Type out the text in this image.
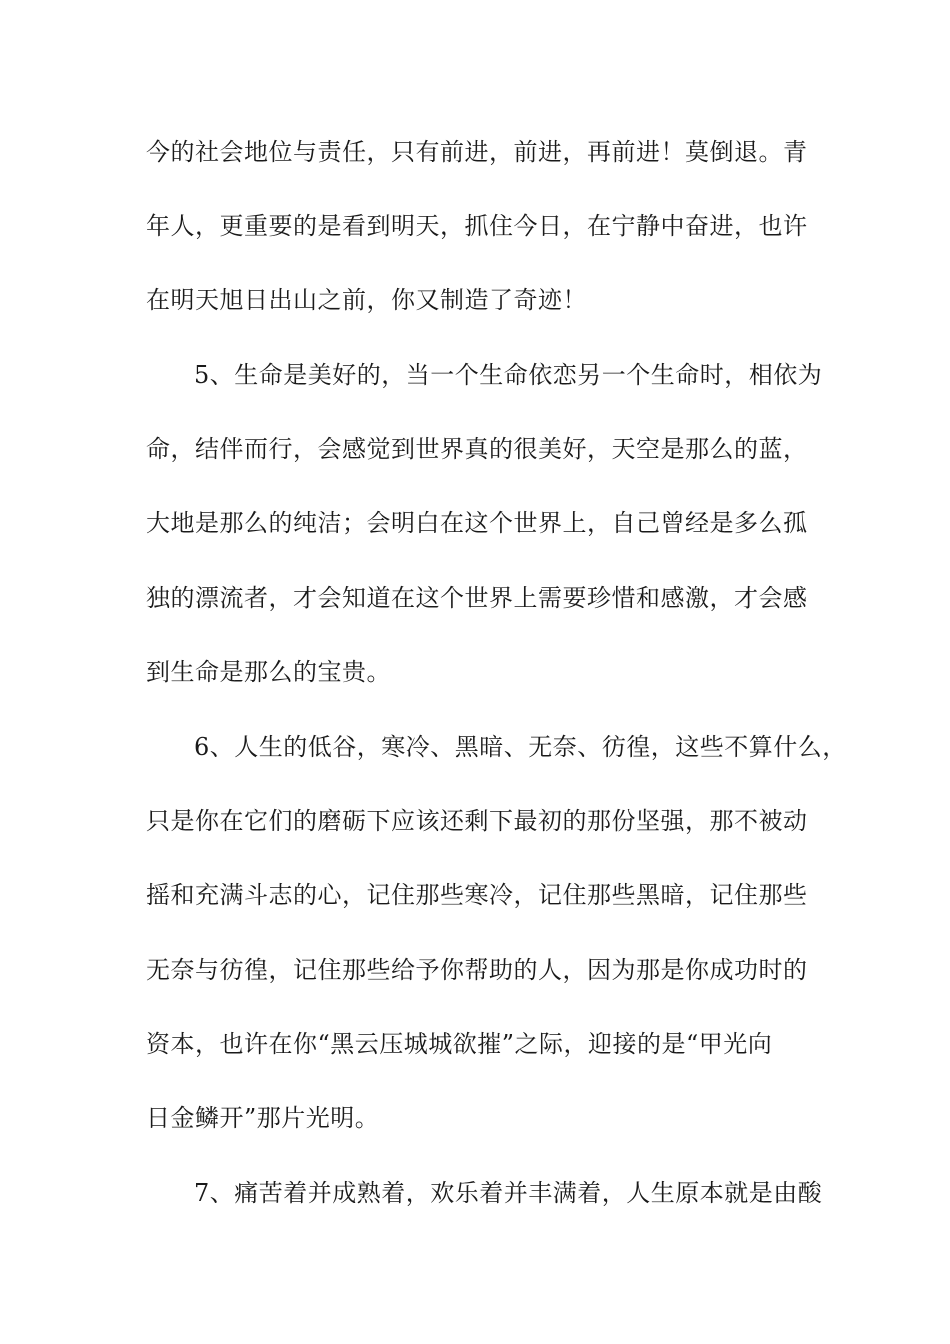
今的社会地位与责任，只有前进，前进，再前进！莫倒退。青
年人，更重要的是看到明天，抓住今日，在宁静中奋进，也许
在明天旭日出山之前，你又制造了奇迹！
5、生命是美好的，当一个生命依恋另一个生命时，相依为
命，结伴而行，会感觉到世界真的很美好，天空是那么的蓝，
大地是那么的纯洁；会明白在这个世界上，自己曾经是多么孤
独的漂流者，才会知道在这个世界上需要珍惜和感激，才会感
到生命是那么的宝贵。
6、人生的低谷，寒冷、黑暗、无奈、彷徨，这些不算什么，
只是你在它们的磨砺下应该还剩下最初的那份坚强，那不被动
摇和充满斗志的心，记住那些寒冷，记住那些黑暗，记住那些
无奈与彷徨，记住那些给予你帮助的人，因为那是你成功时的
资本，也许在你“黑云压城城欲摧”之际，迎接的是“甲光向
日金鳞开”那片光明。
7、痛苦着并成熟着，欢乐着并丰满着，人生原本就是由酸
